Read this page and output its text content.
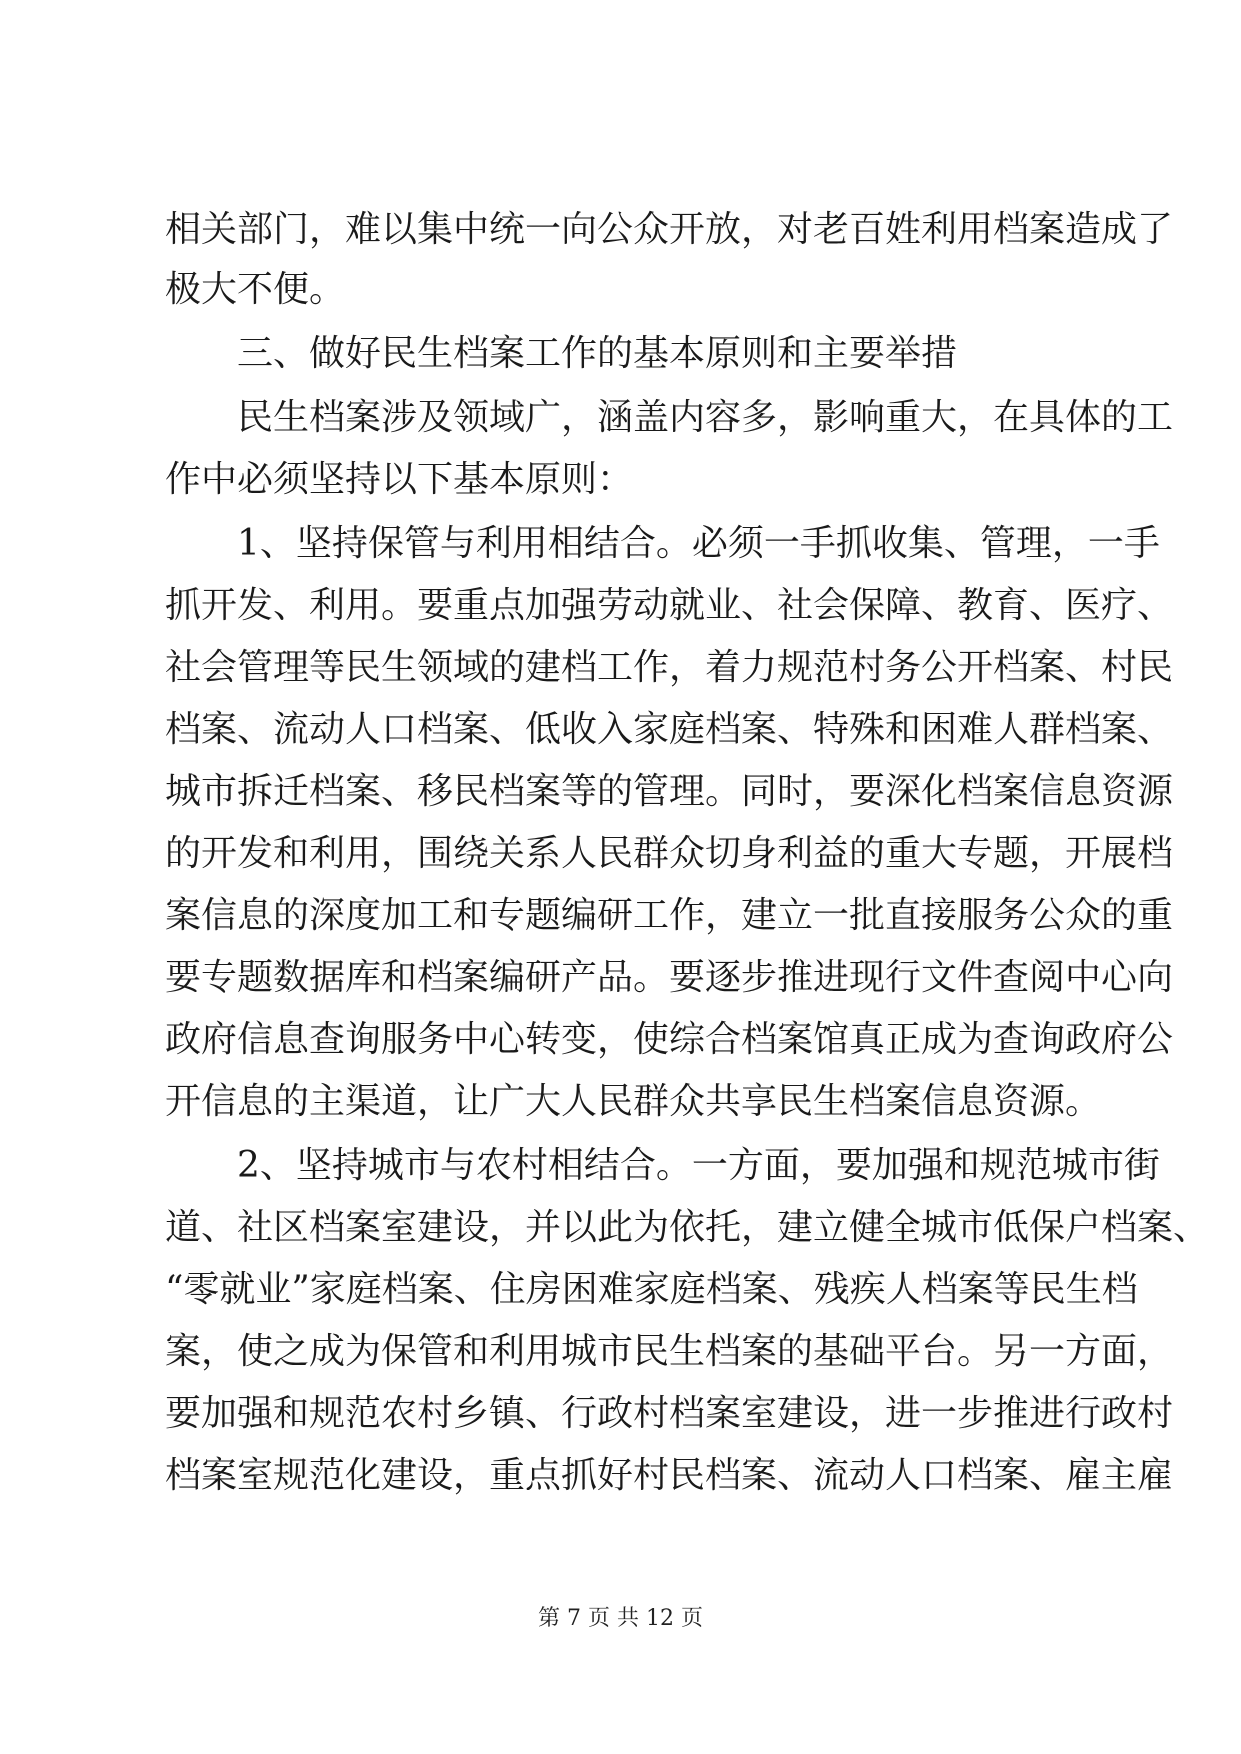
相关部门，难以集中统一向公众开放，对老百姓利用档案造成了
极大不便。
三、做好民生档案工作的基本原则和主要举措
民生档案涉及领域广，涵盖内容多，影响重大，在具体的工
作中必须坚持以下基本原则：
1、坚持保管与利用相结合。必须一手抓收集、管理，一手
抓开发、利用。要重点加强劳动就业、社会保障、教育、医疗、
社会管理等民生领域的建档工作，着力规范村务公开档案、村民
档案、流动人口档案、低收入家庭档案、特殊和困难人群档案、
城市拆迁档案、移民档案等的管理。同时，要深化档案信息资源
的开发和利用，围绕关系人民群众切身利益的重大专题，开展档
案信息的深度加工和专题编研工作，建立一批直接服务公众的重
要专题数据库和档案编研产品。要逐步推进现行文件查阅中心向
政府信息查询服务中心转变，使综合档案馆真正成为查询政府公
开信息的主渠道，让广大人民群众共享民生档案信息资源。
2、坚持城市与农村相结合。一方面，要加强和规范城市街
道、社区档案室建设，并以此为依托，建立健全城市低保户档案、
“零就业”家庭档案、住房困难家庭档案、残疾人档案等民生档
案，使之成为保管和利用城市民生档案的基础平台。另一方面，
要加强和规范农村乡镇、行政村档案室建设，进一步推进行政村
档案室规范化建设，重点抓好村民档案、流动人口档案、雇主雇
第 7 页 共 12 页
